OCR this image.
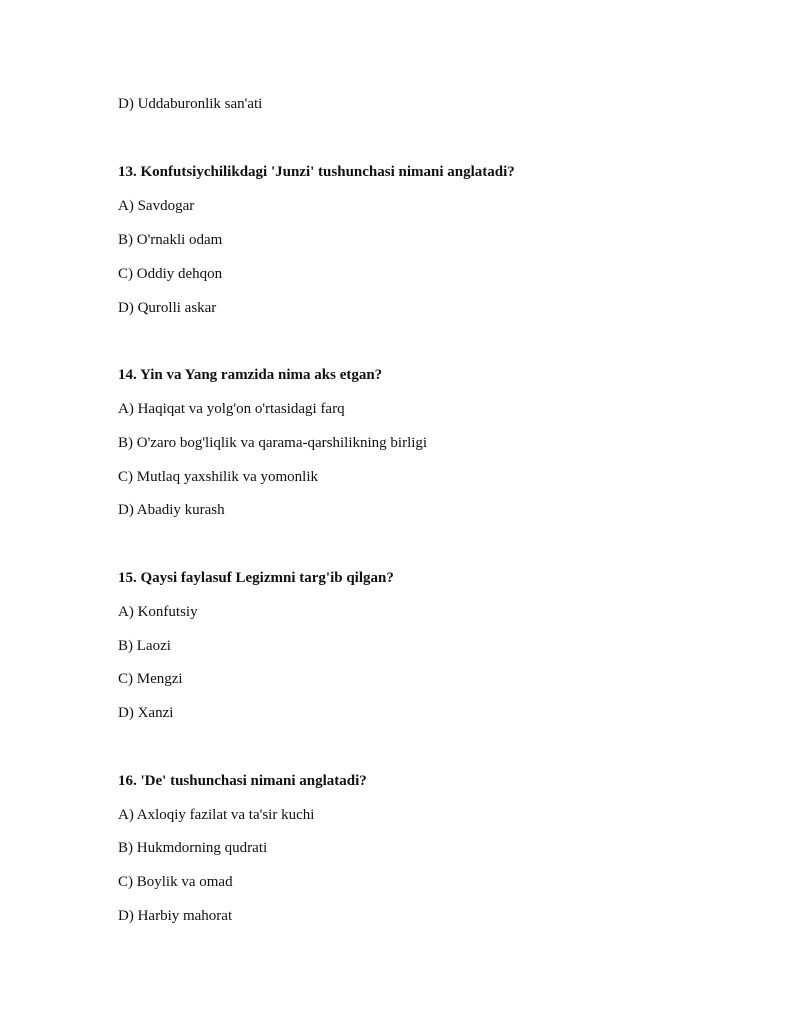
D) Uddaburonlik san'ati
13. Konfutsiychilikdagi 'Junzi' tushunchasi nimani anglatadi?
A) Savdogar
B) O'rnakli odam
C) Oddiy dehqon
D) Qurolli askar
14. Yin va Yang ramzida nima aks etgan?
A) Haqiqat va yolg'on o'rtasidagi farq
B) O'zaro bog'liqlik va qarama-qarshilikning birligi
C) Mutlaq yaxshilik va yomonlik
D) Abadiy kurash
15. Qaysi faylasuf Legizmni targ'ib qilgan?
A) Konfutsiy
B) Laozi
C) Mengzi
D) Xanzi
16. 'De' tushunchasi nimani anglatadi?
A) Axloqiy fazilat va ta'sir kuchi
B) Hukmdorning qudrati
C) Boylik va omad
D) Harbiy mahorat
